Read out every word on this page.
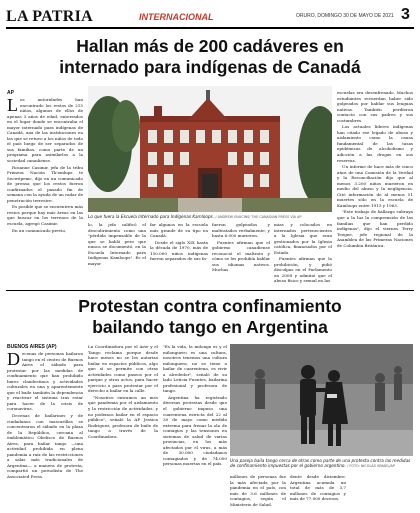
LA PATRIA	INTERNACIONAL	ORURO, DOMINGO 30 DE MAYO DE 2021 3
Hallan más de 200 cadáveres en
internado para indígenas de Canadá
AP
L os autoridades han encontrado los restos de 215 niños, algunos de ellos de apenas 3 años de edad, enterrados en el lugar donde se encontraba el mayor internado para indígenas de Canadá, una de las instituciones en las que se retuvo a los niños de todo el país luego de ser separados de sus familias, como parte de un programa para asimilarlos a la sociedad canadiense.

Rosanne Casimir, jefa de la tribu Primera Nación Tk'emlups te Secwépemc, dijo en un comunicado de prensa que los restos fueron confirmados el pasado fin de semana con la ayuda de un radar de penetración terrestre.

Es posible que se encuentren más restos porque hay más áreas en las que buscar en los terrenos de la escuela, agregó Casimir.

En un comunicado previo,

Lo que fuera la Escuela Internado para Indígenas Kamloops. / ANDREW SNUCINS/ THE CANADIAN PRESS VÍA AP

lo, la jefa calificó el descubrimiento como una "pérdida impensable de la que se habló pero que nunca se documentó, en la Escuela Internado para Indígenas Kamloops". Es el mayor

far algunos en la escuela más grande de su tipo en Canadá.

Desde el siglo XIX hasta la década de 1970, más de 150.000 niños indígenas fueron separados de sus fa-

fueron golpeados y maltratados verbalmente, y hasta 6.000 murieron.

Fuentes afirman que el gobierno canadiense reconoció el maltrato y cómo se les prohibía hablar sus idiomas nativos. Muchas

mias y colocados en internados pertenecientes a la Iglesia que eran gestionados por la Iglesia católica, financiados por el Estado.

Fuentes afirman que la prohibición, y pidió disculpas en el Parlamento en 2008 y admitió que el abuso físico y sexual en las

escuelas era desenfrenado. Muchos estudiantes recuerdan haber sido golpeados por hablar sus lenguas nativas. También perdieron contacto con sus padres y sus costumbres.

Los actuales líderes indígenas han citado ese legado de abuso y aislamiento como la causa fundamental de las tasas epidémicas de alcoholismo y adicción a las drogas en sus reservas.

Un informe de hace más de cinco años de una Comisión de la Verdad y la Reconciliación dijo que al menos 3.200 niños murieron en medio del abuso y la negligencia. Citó información de al menos 51 muertes sólo en la escuela de Kamloops entre 1915 y 1963.

"Este trabajo de hallazgo subraya que a la luz la comprensión de las familias que han perdido indígenas", dijo el viernes Terry Teegee, jefe regional de la Asamblea de las Primeras Naciones de Columbia Británica.

Protestan contra confinamiento
bailando tango en Argentina
BUENOS AIRES (AP)
D ecenas de personas bailaron tango en el centro de Buenos Aires el sábado para protestar por las medidas de confinamiento que han prohibido bares clandestinos y actividades culturales en una y aparentemente que el baile también la dependencia y reactivar el sistema tras estar para hacer de la crisis de coronavirus.

Decenas de bailarines y de ciudadanos con mascarillas se concentraron el sábado en la plaza de la República, cercana al emblemático Obelisco de Buenos Aires, para bailar tango —una actividad prohibida en plena pandemia a raíz de las restricciones a salas más tradicionales de Argentina— a manera de protesta, compartió un periodista de The Associated Press.

La Coordinadora por el Arte y el Tango reclama porque desde hace meses no se les autoriza bailar en espacios públicos, algo que sí se permite con otras actividades como paseos por el parque y otros actos, para hacer ejercicio o para protestar por el derecho a bailar en la calle.

"Nosotros entramos un mes que pandemia por el aislamiento y la restricción de actividades, y no podemos bailar en el espacio público", señaló la AP Jessica Rodriguez, profesora de baile de tango a través de la Coordinadora.

"Es la vida, la milonga es y el milonguero es una cultura, nosotros tenemos una cultura milonguera, no se tiene a bailar de cuarentena, es vivir a alrededor", señaló de su lado Leticia Fuentes, bailarina profesional y profesora de tango.

Argentina ha registrado diversas protestas desde que el gobierno impuso una cuarentena estricta del 22 al 30 de mayo como medida extrema para frenar la ola de contagios y las tensiones en sistemas de salud de varias provincias, en los más afectados por el virus, a más de 30.000 ciudadanos contagiados y de 74.000 personas muertas en el país.

Una pareja baila tango cerca de otras como parte de una protesta contra las medidas de confinamiento impuestas por el gobierno argentino. / FOTO: NICOLÁS ISMAEL/AP

millones de personas fue la más afectada por la pandemia en el país, con más de 3.6 millones de contagios, según el Ministerio de Salud.

dente desde diciembre. Argentina acumula un total de más de 3,7 millones de contagios y más de 77.000 decesos.
